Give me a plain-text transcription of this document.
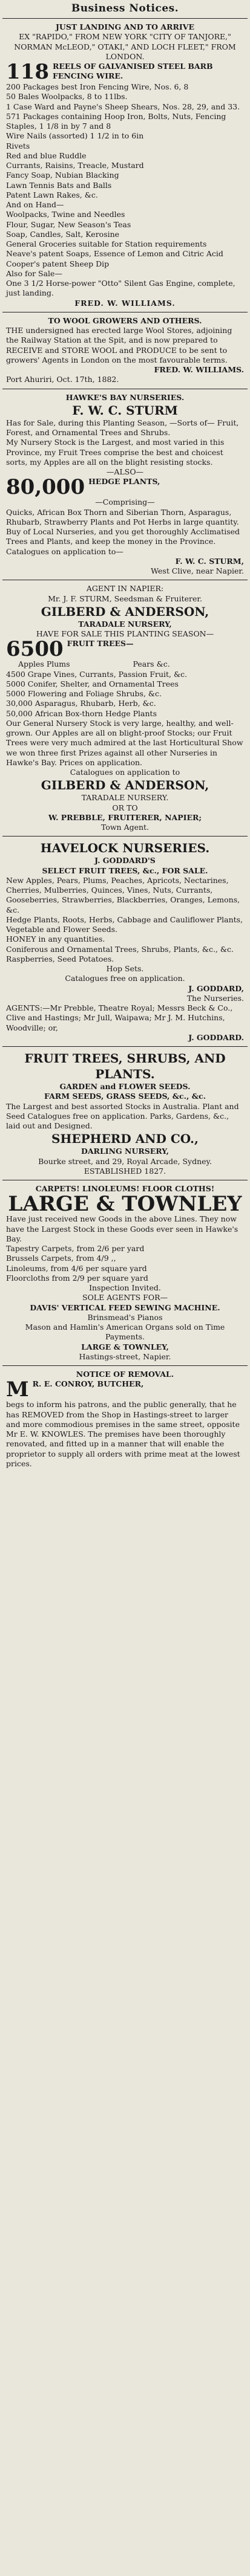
Business Notices.
JUST LANDING AND TO ARRIVE
EX "RAPIDO," FROM NEW YORK "CITY OF TANJORE," NORMAN McLEOD," OTAKI," AND LOCH FLEET," FROM LONDON.
118 REELS OF GALVANISED STEEL BARB FENCING WIRE.
200 Packages best Iron Fencing Wire, Nos. 6, 8
50 Bales Woolpacks, 8 to 11lbs.
1 Case Ward and Payne's Sheep Shears, Nos. 28, 29, and 33.
571 Packages containing Hoop Iron, Bolts, Nuts, Fencing Staples, 1 1/8 in by 7 and 8
Wire Nails (assorted) 1 1/2 in to 6in
Rivets
Red and blue Ruddle
Currants, Raisins, Treacle, Mustard
Fancy Soap, Nubian Blacking
Lawn Tennis Bats and Balls
Patent Lawn Rakes, &c.
And on Hand—
Woolpacks, Twine and Needles
Flour, Sugar, New Season's Teas
Soap, Candles, Salt, Kerosine
General Groceries suitable for Station requirements
Neave's patent Soaps, Essence of Lemon and Citric Acid
Cooper's patent Sheep Dip
Also for Sale—
One 3 1/2 Horse-power "Otto" Silent Gas Engine, complete, just landing.
FRED. W. WILLIAMS.
TO WOOL GROWERS AND OTHERS.
THE undersigned has erected large Wool Stores, adjoining the Railway Station at the Spit, and is now prepared to RECEIVE and STORE WOOL and PRODUCE to be sent to growers' Agents in London on the most favourable terms.
FRED. W. WILLIAMS.
Port Ahuriri, Oct. 17th, 1882.
HAWKE'S BAY NURSERIES.
F. W. C. STURM
Has for Sale, during this Planting Season, —Sorts of— Fruit, Forest, and Ornamental Trees and Shrubs.
My Nursery Stock is the Largest, and most varied in this Province, my Fruit Trees comprise the best and choicest sorts, my Apples are all on the blight resisting stocks.
—ALSO—
80,000 HEDGE PLANTS,
—Comprising—
Quicks, African Box Thorn and Siberian Thorn, Asparagus, Rhubarb, Strawberry Plants and Pot Herbs in large quantity.
Buy of Local Nurseries, and you get thoroughly Acclimatised Trees and Plants, and keep the money in the Province.
Catalogues on application to—
F. W. C. STURM,
West Clive, near Napier.
AGENT IN NAPIER:
Mr. J. F. STURM, Seedsman & Fruiterer.
GILBERD & ANDERSON,
TARADALE NURSERY,
HAVE FOR SALE THIS PLANTING SEASON—
6500 FRUIT TREES—
Apples Plums	Pears &c.
4500 Grape Vines, Currants, Passion Fruit, &c.
5000 Conifer, Shelter, and Ornamental Trees
5000 Flowering and Foliage Shrubs, &c.
30,000 Asparagus, Rhubarb, Herb, &c.
50,000 African Box-thorn Hedge Plants
Our General Nursery Stock is very large, healthy, and well-grown. Our Apples are all on blight-proof Stocks; our Fruit Trees were very much admired at the last Horticultural Show we won three first Prizes against all other Nurseries in Hawke's Bay. Prices on application.
Catalogues on application to
GILBERD & ANDERSON,
TARADALE NURSERY.
OR TO
W. PREBBLE, FRUITERER, NAPIER;
Town Agent.
HAVELOCK NURSERIES.
J. GODDARD'S
SELECT FRUIT TREES, &c., FOR SALE.
New Apples, Pears, Plums, Peaches, Apricots, Nectarines, Cherries, Mulberries, Quinces, Vines, Nuts, Currants, Gooseberries, Strawberries, Blackberries, Oranges, Lemons, &c.
Hedge Plants, Roots, Herbs, Cabbage and Cauliflower Plants, Vegetable and Flower Seeds.
HONEY in any quantities.
Coniferous and Ornamental Trees, Shrubs, Plants, &c., &c.
Raspberries, Seed Potatoes.
Hop Sets.
Catalogues free on application.
J. GODDARD,
The Nurseries.
AGENTS:—Mr Prebble, Theatre Royal; Messrs Beck & Co., Clive and Hastings; Mr Jull, Waipawa; Mr J. M. Hutchins, Woodville; or,
J. GODDARD.
FRUIT TREES, SHRUBS, AND PLANTS.
GARDEN and FLOWER SEEDS.
FARM SEEDS, GRASS SEEDS, &c., &c.
The Largest and best assorted Stocks in Australia. Plant and Seed Catalogues free on application. Parks, Gardens, &c., laid out and Designed.
SHEPHERD AND CO.,
DARLING NURSERY,
Bourke street, and 29, Royal Arcade, Sydney.
ESTABLISHED 1827.
CARPETS! LINOLEUMS! FLOOR CLOTHS!
LARGE & TOWNLEY
Have just received new Goods in the above Lines. They now have the Largest Stock in these Goods ever seen in Hawke's Bay.
Tapestry Carpets, from 2/6 per yard
Brussels Carpets, from 4/9 ,,
Linoleums, from 4/6 per square yard
Floorcloths from 2/9 per square yard
Inspection Invited.
SOLE AGENTS FOR—
DAVIS' VERTICAL FEED SEWING MACHINE.
Brinsmead's Pianos
Mason and Hamlin's American Organs sold on Time Payments.
LARGE & TOWNLEY,
Hastings-street, Napier.
NOTICE OF REMOVAL.
M R. E. CONROY, BUTCHER,
begs to inform his patrons, and the public generally, that he has REMOVED from the Shop in Hastings-street to larger and more commodious premises in the same street, opposite Mr E. W. KNOWLES. The premises have been thoroughly renovated, and fitted up in a manner that will enable the proprietor to supply all orders with prime meat at the lowest prices.
